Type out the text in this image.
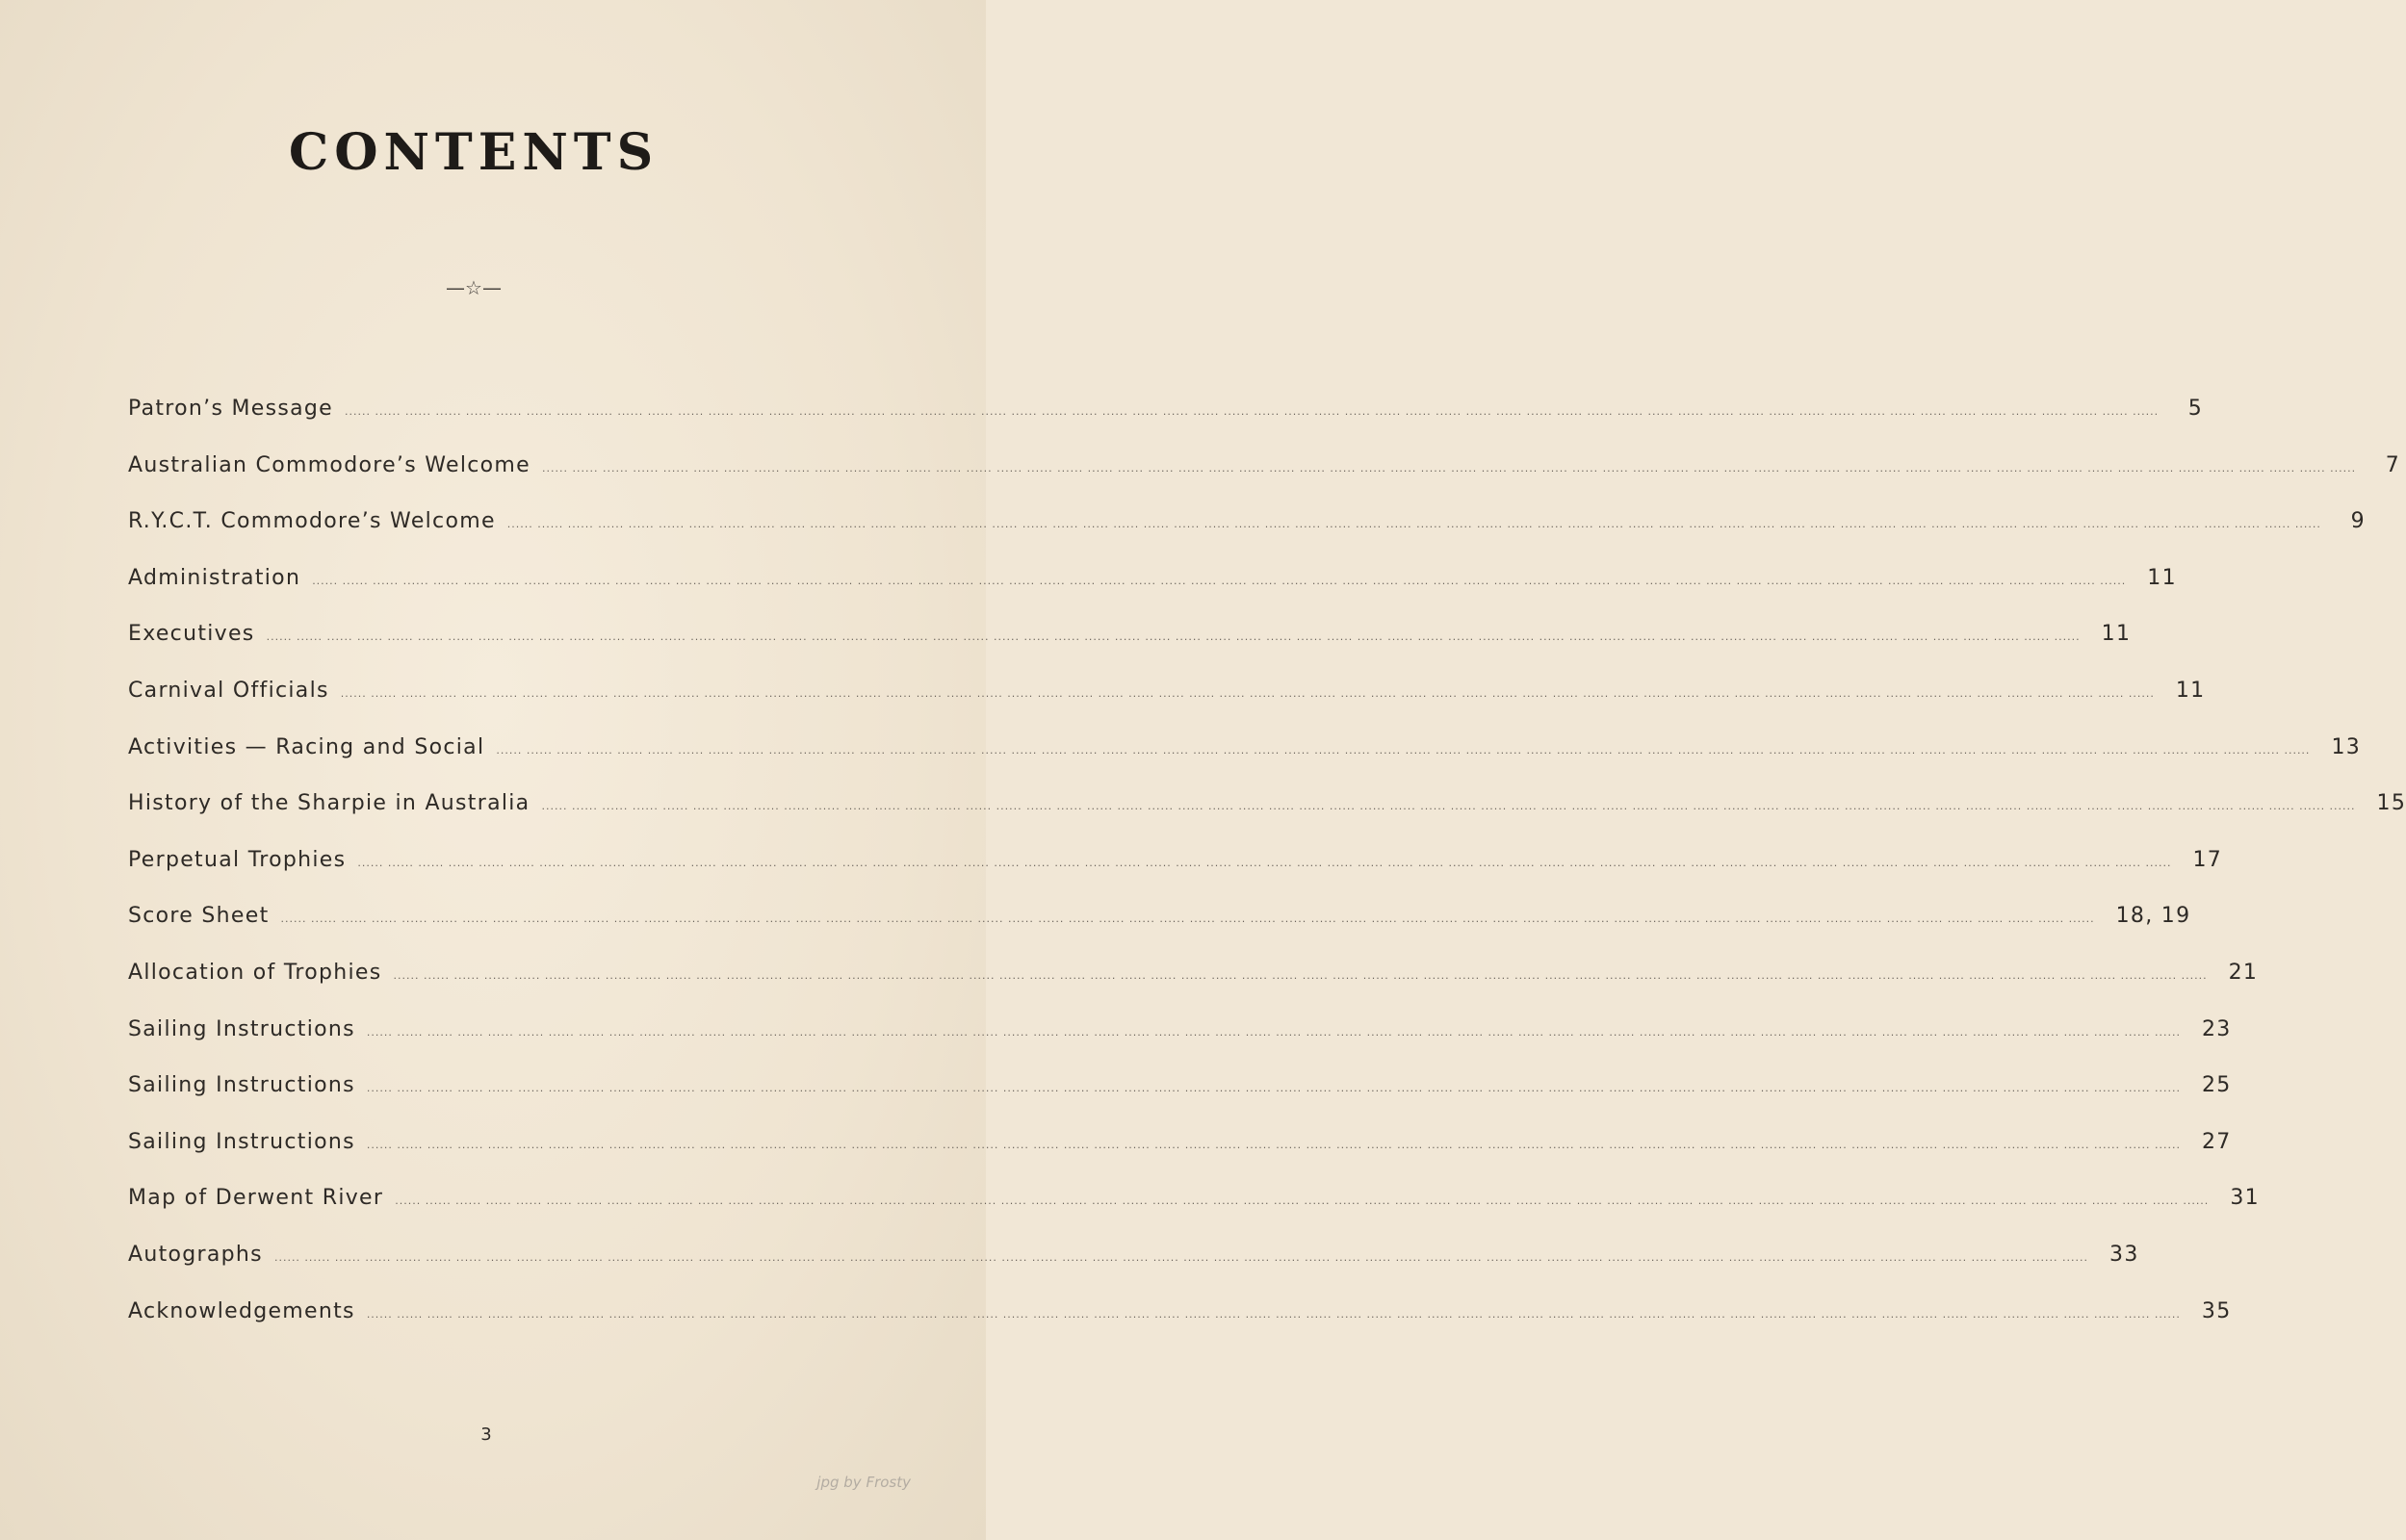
CONTENTS
—☆—
Patron’s Message	...... ...... ...... ...... ...... ...... ...... ...... ...... ...... ...... ...... ...... ...... ...... ...... ...... ...... ...... ...... ...... ...... ...... ...... ...... ...... ...... ...... ...... ...... ...... ...... ...... ...... ...... ...... ...... ...... ...... ...... ...... ...... ...... ...... ...... ...... ...... ...... ...... ...... ...... ...... ...... ...... ...... ...... ...... ...... ...... ......	5
Australian Commodore’s Welcome	...... ...... ...... ...... ...... ...... ...... ...... ...... ...... ...... ...... ...... ...... ...... ...... ...... ...... ...... ...... ...... ...... ...... ...... ...... ...... ...... ...... ...... ...... ...... ...... ...... ...... ...... ...... ...... ...... ...... ...... ...... ...... ...... ...... ...... ...... ...... ...... ...... ...... ...... ...... ...... ...... ...... ...... ...... ...... ...... ......	7
R.Y.C.T. Commodore’s Welcome	...... ...... ...... ...... ...... ...... ...... ...... ...... ...... ...... ...... ...... ...... ...... ...... ...... ...... ...... ...... ...... ...... ...... ...... ...... ...... ...... ...... ...... ...... ...... ...... ...... ...... ...... ...... ...... ...... ...... ...... ...... ...... ...... ...... ...... ...... ...... ...... ...... ...... ...... ...... ...... ...... ...... ...... ...... ...... ...... ......	9
Administration	...... ...... ...... ...... ...... ...... ...... ...... ...... ...... ...... ...... ...... ...... ...... ...... ...... ...... ...... ...... ...... ...... ...... ...... ...... ...... ...... ...... ...... ...... ...... ...... ...... ...... ...... ...... ...... ...... ...... ...... ...... ...... ...... ...... ...... ...... ...... ...... ...... ...... ...... ...... ...... ...... ...... ...... ...... ...... ...... ...... 11
Executives	...... ...... ...... ...... ...... ...... ...... ...... ...... ...... ...... ...... ...... ...... ...... ...... ...... ...... ...... ...... ...... ...... ...... ...... ...... ...... ...... ...... ...... ...... ...... ...... ...... ...... ...... ...... ...... ...... ...... ...... ...... ...... ...... ...... ...... ...... ...... ...... ...... ...... ...... ...... ...... ...... ...... ...... ...... ...... ...... ...... 11
Carnival Officials	...... ...... ...... ...... ...... ...... ...... ...... ...... ...... ...... ...... ...... ...... ...... ...... ...... ...... ...... ...... ...... ...... ...... ...... ...... ...... ...... ...... ...... ...... ...... ...... ...... ...... ...... ...... ...... ...... ...... ...... ...... ...... ...... ...... ...... ...... ...... ...... ...... ...... ...... ...... ...... ...... ...... ...... ...... ...... ...... ...... 11
Activities — Racing and Social	...... ...... ...... ...... ...... ...... ...... ...... ...... ...... ...... ...... ...... ...... ...... ...... ...... ...... ...... ...... ...... ...... ...... ...... ...... ...... ...... ...... ...... ...... ...... ...... ...... ...... ...... ...... ...... ...... ...... ...... ...... ...... ...... ...... ...... ...... ...... ...... ...... ...... ...... ...... ...... ...... ...... ...... ...... ...... ...... ...... 13
History of the Sharpie in Australia	...... ...... ...... ...... ...... ...... ...... ...... ...... ...... ...... ...... ...... ...... ...... ...... ...... ...... ...... ...... ...... ...... ...... ...... ...... ...... ...... ...... ...... ...... ...... ...... ...... ...... ...... ...... ...... ...... ...... ...... ...... ...... ...... ...... ...... ...... ...... ...... ...... ...... ...... ...... ...... ...... ...... ...... ...... ...... ...... ...... 15
Perpetual Trophies	...... ...... ...... ...... ...... ...... ...... ...... ...... ...... ...... ...... ...... ...... ...... ...... ...... ...... ...... ...... ...... ...... ...... ...... ...... ...... ...... ...... ...... ...... ...... ...... ...... ...... ...... ...... ...... ...... ...... ...... ...... ...... ...... ...... ...... ...... ...... ...... ...... ...... ...... ...... ...... ...... ...... ...... ...... ...... ...... ...... 17
Score Sheet	...... ...... ...... ...... ...... ...... ...... ...... ...... ...... ...... ...... ...... ...... ...... ...... ...... ...... ...... ...... ...... ...... ...... ...... ...... ...... ...... ...... ...... ...... ...... ...... ...... ...... ...... ...... ...... ...... ...... ...... ...... ...... ...... ...... ...... ...... ...... ...... ...... ...... ...... ...... ...... ...... ...... ...... ...... ...... ...... ...... 18, 19
Allocation of Trophies	...... ...... ...... ...... ...... ...... ...... ...... ...... ...... ...... ...... ...... ...... ...... ...... ...... ...... ...... ...... ...... ...... ...... ...... ...... ...... ...... ...... ...... ...... ...... ...... ...... ...... ...... ...... ...... ...... ...... ...... ...... ...... ...... ...... ...... ...... ...... ...... ...... ...... ...... ...... ...... ...... ...... ...... ...... ...... ...... ...... 21
Sailing Instructions	...... ...... ...... ...... ...... ...... ...... ...... ...... ...... ...... ...... ...... ...... ...... ...... ...... ...... ...... ...... ...... ...... ...... ...... ...... ...... ...... ...... ...... ...... ...... ...... ...... ...... ...... ...... ...... ...... ...... ...... ...... ...... ...... ...... ...... ...... ...... ...... ...... ...... ...... ...... ...... ...... ...... ...... ...... ...... ...... ...... 23
Sailing Instructions	...... ...... ...... ...... ...... ...... ...... ...... ...... ...... ...... ...... ...... ...... ...... ...... ...... ...... ...... ...... ...... ...... ...... ...... ...... ...... ...... ...... ...... ...... ...... ...... ...... ...... ...... ...... ...... ...... ...... ...... ...... ...... ...... ...... ...... ...... ...... ...... ...... ...... ...... ...... ...... ...... ...... ...... ...... ...... ...... ...... 25
Sailing Instructions	...... ...... ...... ...... ...... ...... ...... ...... ...... ...... ...... ...... ...... ...... ...... ...... ...... ...... ...... ...... ...... ...... ...... ...... ...... ...... ...... ...... ...... ...... ...... ...... ...... ...... ...... ...... ...... ...... ...... ...... ...... ...... ...... ...... ...... ...... ...... ...... ...... ...... ...... ...... ...... ...... ...... ...... ...... ...... ...... ...... 27
Map of Derwent River	...... ...... ...... ...... ...... ...... ...... ...... ...... ...... ...... ...... ...... ...... ...... ...... ...... ...... ...... ...... ...... ...... ...... ...... ...... ...... ...... ...... ...... ...... ...... ...... ...... ...... ...... ...... ...... ...... ...... ...... ...... ...... ...... ...... ...... ...... ...... ...... ...... ...... ...... ...... ...... ...... ...... ...... ...... ...... ...... ...... 31
Autographs	...... ...... ...... ...... ...... ...... ...... ...... ...... ...... ...... ...... ...... ...... ...... ...... ...... ...... ...... ...... ...... ...... ...... ...... ...... ...... ...... ...... ...... ...... ...... ...... ...... ...... ...... ...... ...... ...... ...... ...... ...... ...... ...... ...... ...... ...... ...... ...... ...... ...... ...... ...... ...... ...... ...... ...... ...... ...... ...... ...... 33
Acknowledgements	...... ...... ...... ...... ...... ...... ...... ...... ...... ...... ...... ...... ...... ...... ...... ...... ...... ...... ...... ...... ...... ...... ...... ...... ...... ...... ...... ...... ...... ...... ...... ...... ...... ...... ...... ...... ...... ...... ...... ...... ...... ...... ...... ...... ...... ...... ...... ...... ...... ...... ...... ...... ...... ...... ...... ...... ...... ...... ...... ...... 35
3
jpg by Frosty
